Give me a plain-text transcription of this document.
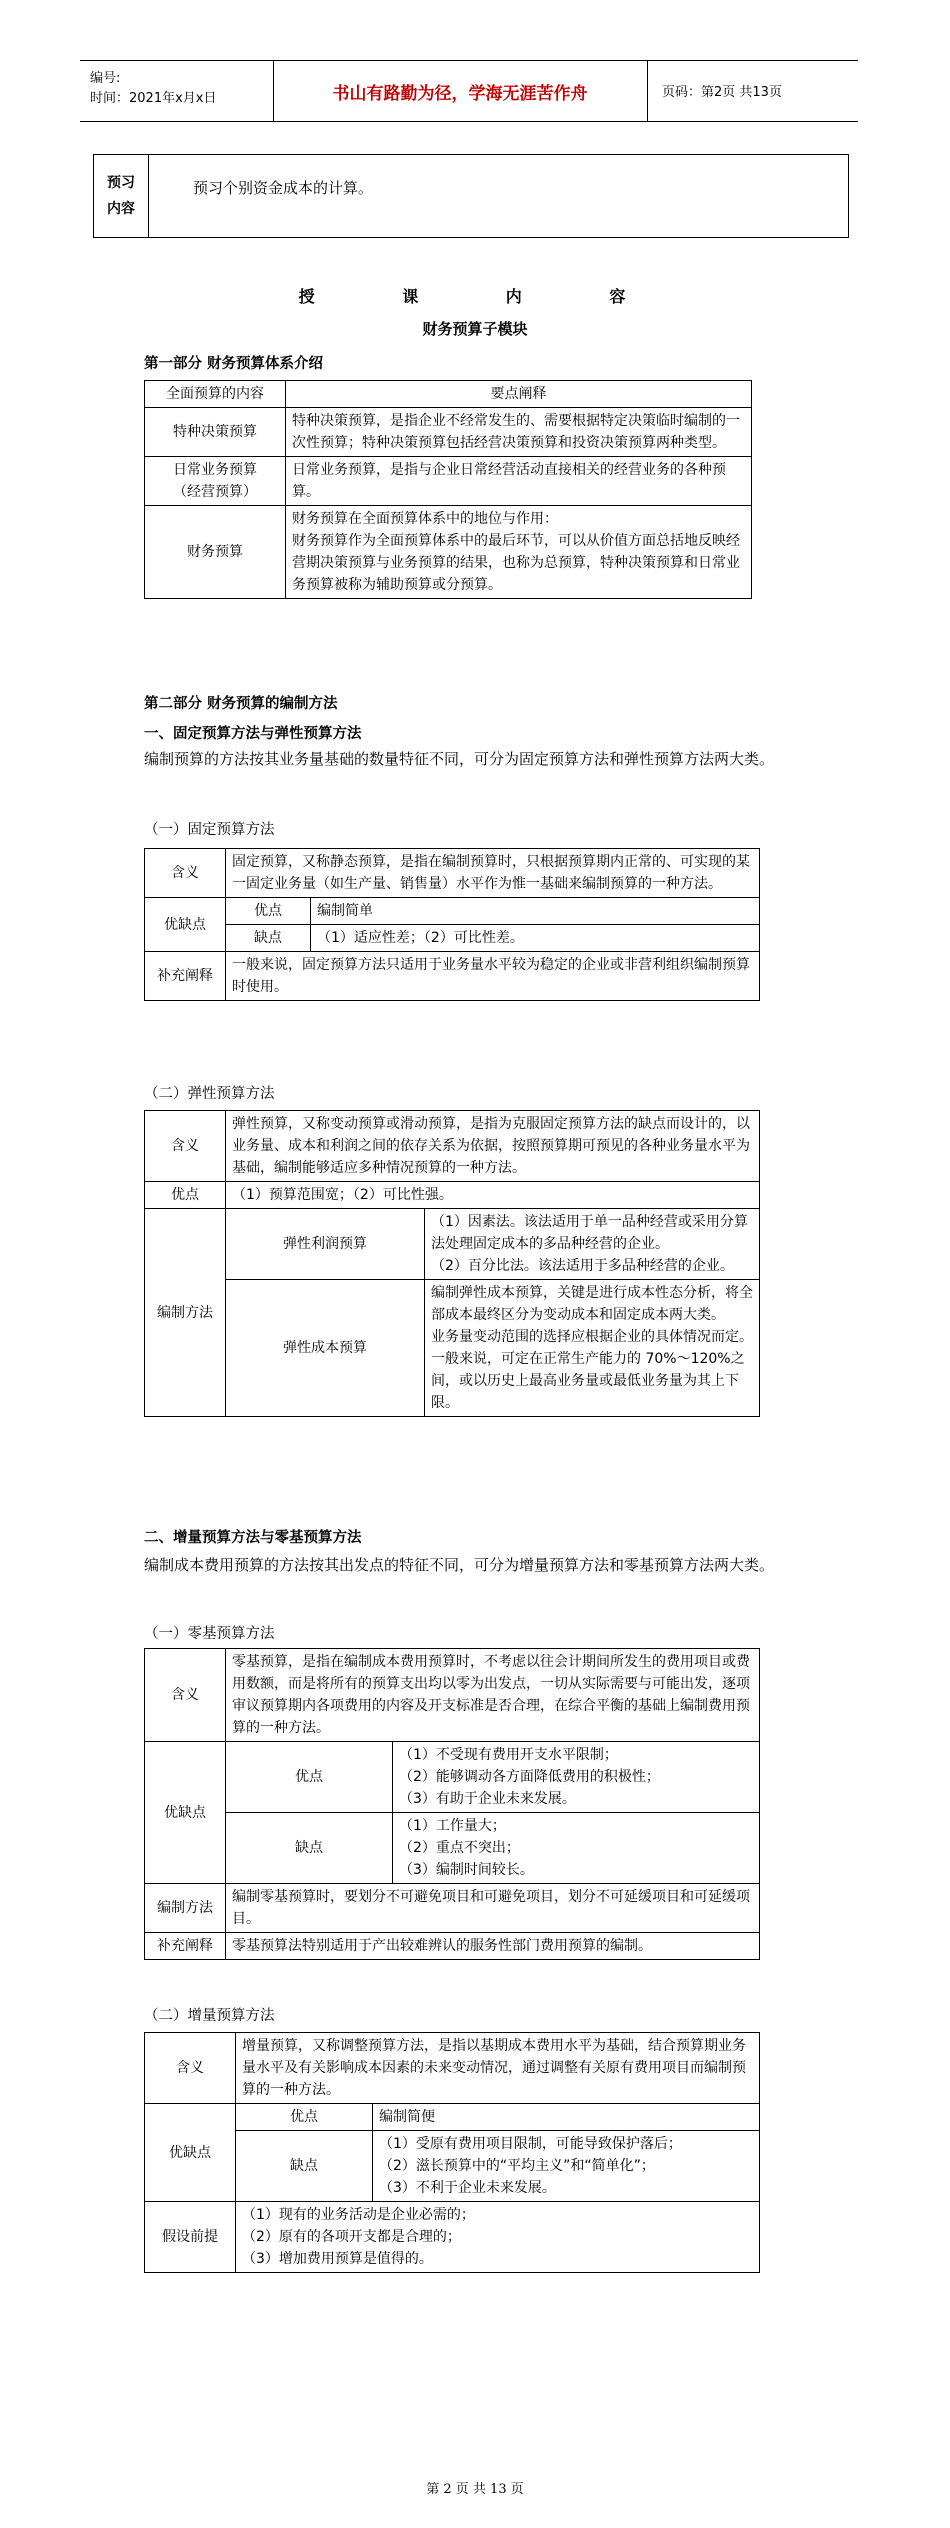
编号:
时间：2021年x月x日	书山有路勤为径，学海无涯苦作舟	页码：第2页 共13页
预习
内容
	预习个别资金成本的计算。
授 课 内 容
财务预算子模块
第一部分 财务预算体系介绍
全面预算的内容	要点阐释
特种决策预算	特种决策预算，是指企业不经常发生的、需要根据特定决策临时编制的一次性预算；特种决策预算包括经营决策预算和投资决策预算两种类型。

日常业务预算
（经营预算）	日常业务预算，是指与企业日常经营活动直接相关的经营业务的各种预算。
财务预算	财务预算在全面预算体系中的地位与作用：
财务预算作为全面预算体系中的最后环节，可以从价值方面总括地反映经营期决策预算与业务预算的结果，也称为总预算，特种决策预算和日常业务预算被称为辅助预算或分预算。
第二部分 财务预算的编制方法
一、固定预算方法与弹性预算方法
编制预算的方法按其业务量基础的数量特征不同，可分为固定预算方法和弹性预算方法两大类。
（一）固定预算方法
含义	固定预算，又称静态预算，是指在编制预算时，只根据预算期内正常的、可实现的某一固定业务量（如生产量、销售量）水平作为惟一基础来编制预算的一种方法。	
优缺点	优点	编制简单
	缺点	（1）适应性差；（2）可比性差。
补充阐释	一般来说，固定预算方法只适用于业务量水平较为稳定的企业或非营利组织编制预算时使用。	
（二）弹性预算方法
含义	弹性预算，又称变动预算或滑动预算，是指为克服固定预算方法的缺点而设计的，以业务量、成本和利润之间的依存关系为依据，按照预算期可预见的各种业务量水平为基础，编制能够适应多种情况预算的一种方法。	
优点	（1）预算范围宽；（2）可比性强。	
编制方法	弹性利润预算	（1）因素法。该法适用于单一品种经营或采用分算法处理固定成本的多品种经营的企业。
（2）百分比法。该法适用于多品种经营的企业。

	弹性成本预算	编制弹性成本预算，关键是进行成本性态分析，将全部成本最终区分为变动成本和固定成本两大类。
业务量变动范围的选择应根据企业的具体情况而定。一般来说，可定在正常生产能力的 70%～120%之间，或以历史上最高业务量或最低业务量为其上下限。
二、增量预算方法与零基预算方法
编制成本费用预算的方法按其出发点的特征不同，可分为增量预算方法和零基预算方法两大类。
（一）零基预算方法
含义	零基预算，是指在编制成本费用预算时，不考虑以往会计期间所发生的费用项目或费用数额，而是将所有的预算支出均以零为出发点，一切从实际需要与可能出发，逐项审议预算期内各项费用的内容及开支标准是否合理，在综合平衡的基础上编制费用预算的一种方法。	
优缺点	优点	（1）不受现有费用开支水平限制；
（2）能够调动各方面降低费用的积极性；
（3）有助于企业未来发展。

	缺点	（1）工作量大；
（2）重点不突出；
（3）编制时间较长。

编制方法	编制零基预算时，要划分不可避免项目和可避免项目，划分不可延缓项目和可延缓项目。	
补充阐释	零基预算法特别适用于产出较难辨认的服务性部门费用预算的编制。	
（二）增量预算方法
含义	增量预算，又称调整预算方法，是指以基期成本费用水平为基础，结合预算期业务量水平及有关影响成本因素的未来变动情况，通过调整有关原有费用项目而编制预算的一种方法。	
优缺点	优点	编制简便
	缺点	（1）受原有费用项目限制，可能导致保护落后；
（2）滋长预算中的“平均主义”和“简单化”；
（3）不利于企业未来发展。

假设前提	（1）现有的业务活动是企业必需的；
（2）原有的各项开支都是合理的；
（3）增加费用预算是值得的。	
第 2 页 共 13 页
